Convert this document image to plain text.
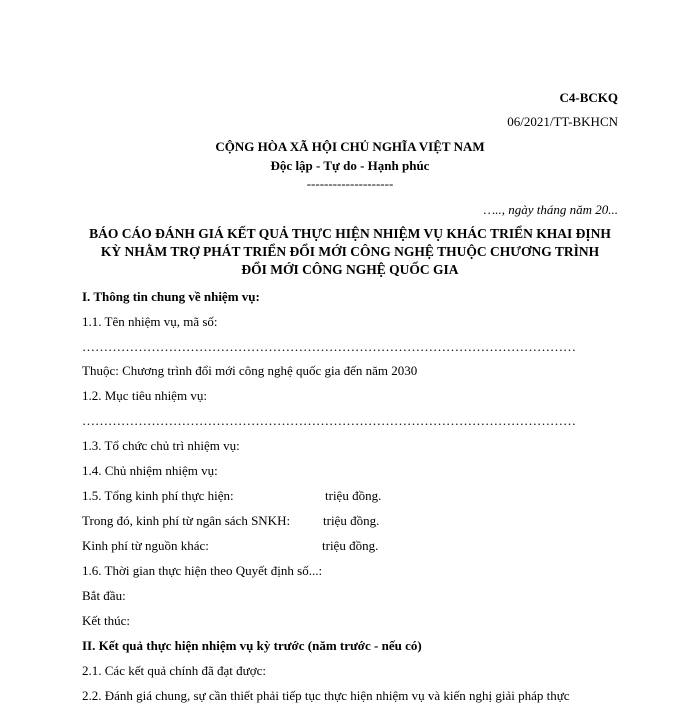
C4-BCKQ
06/2021/TT-BKHCN
CỘNG HÒA XÃ HỘI CHỦ NGHĨA VIỆT NAM
Độc lập - Tự do - Hạnh phúc
--------------------
….., ngày tháng năm 20...
BÁO CÁO ĐÁNH GIÁ KẾT QUẢ THỰC HIỆN NHIỆM VỤ KHÁC TRIỂN KHAI ĐỊNH
KỲ NHẰM TRỢ PHÁT TRIỂN ĐỔI MỚI CÔNG NGHỆ THUỘC CHƯƠNG TRÌNH
ĐỔI MỚI CÔNG NGHỆ QUỐC GIA
I. Thông tin chung về nhiệm vụ:
1.1. Tên nhiệm vụ, mã số:
……………………………………………………………………………………………………
Thuộc: Chương trình đổi mới công nghệ quốc gia đến năm 2030
1.2. Mục tiêu nhiệm vụ:
……………………………………………………………………………………………………
1.3. Tổ chức chủ trì nhiệm vụ:
1.4. Chủ nhiệm nhiệm vụ:
1.5. Tổng kinh phí thực hiện:	triệu đồng.
Trong đó, kinh phí từ ngân sách SNKH:	triệu đồng.
Kinh phí từ nguồn khác:	triệu đồng.
1.6. Thời gian thực hiện theo Quyết định số...:
Bắt đầu:
Kết thúc:
II. Kết quả thực hiện nhiệm vụ kỳ trước (năm trước - nếu có)
2.1. Các kết quả chính đã đạt được:
2.2. Đánh giá chung, sự cần thiết phải tiếp tục thực hiện nhiệm vụ và kiến nghị giải pháp thực
